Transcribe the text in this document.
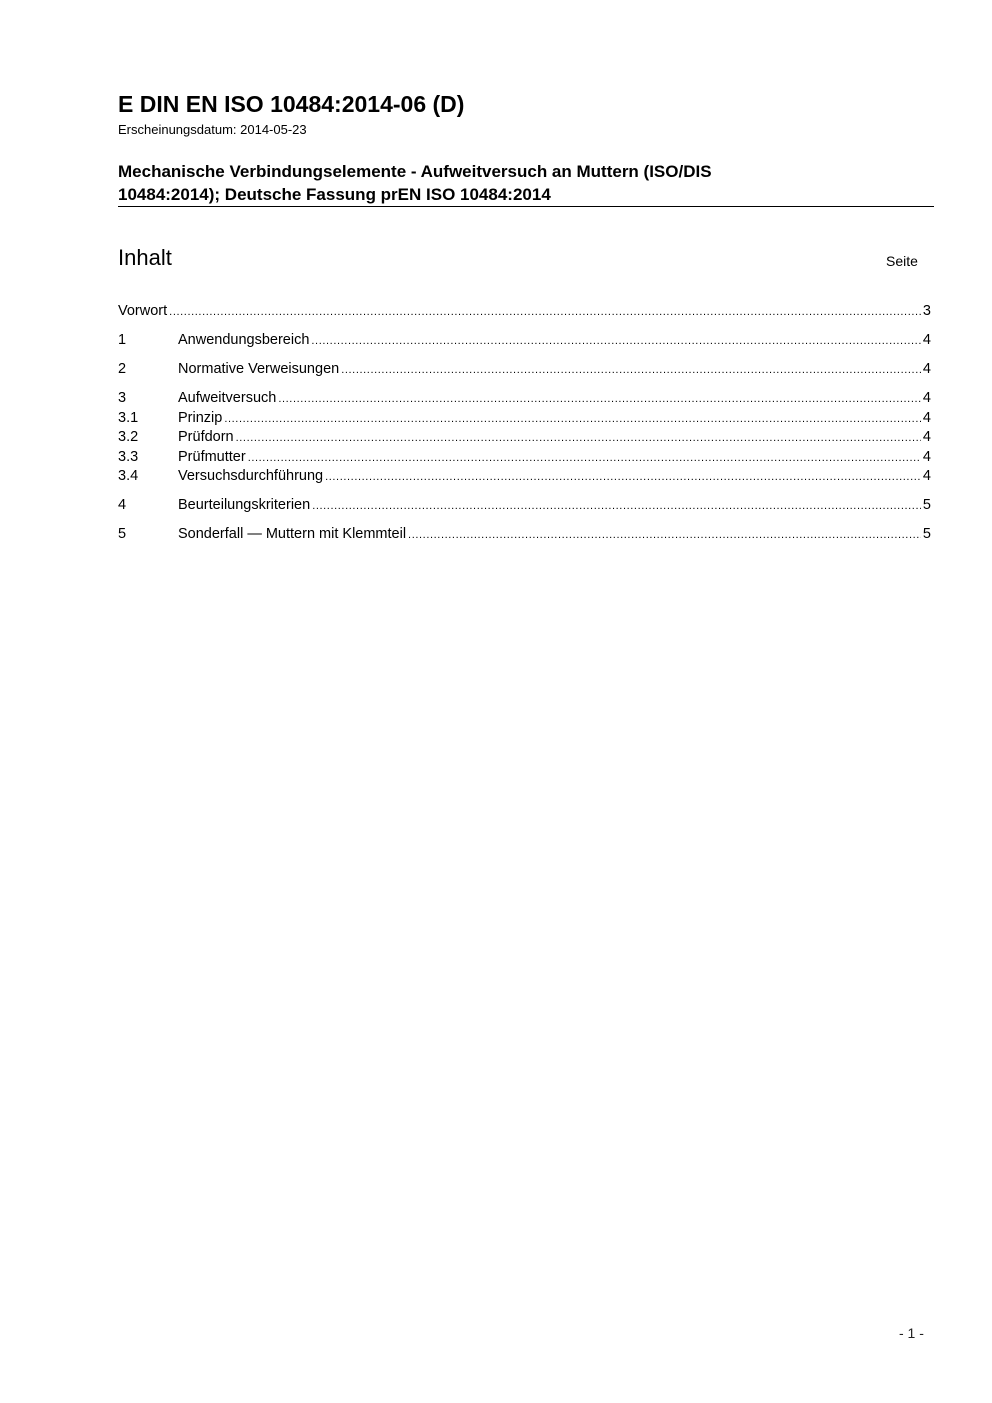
E DIN EN ISO 10484:2014-06 (D)
Erscheinungsdatum: 2014-05-23
Mechanische Verbindungselemente - Aufweitversuch an Muttern (ISO/DIS
10484:2014); Deutsche Fassung prEN ISO 10484:2014
Inhalt	Seite
Vorwort .....	3
1	Anwendungsbereich .....	4
2	Normative Verweisungen .....	4
3	Aufweitversuch .....	4
3.1	Prinzip .....	4
3.2	Prüfdorn .....	4
3.3	Prüfmutter .....	4
3.4	Versuchsdurchführung .....	4
4	Beurteilungskriterien .....	5
5	Sonderfall — Muttern mit Klemmteil .....	5
- 1 -
